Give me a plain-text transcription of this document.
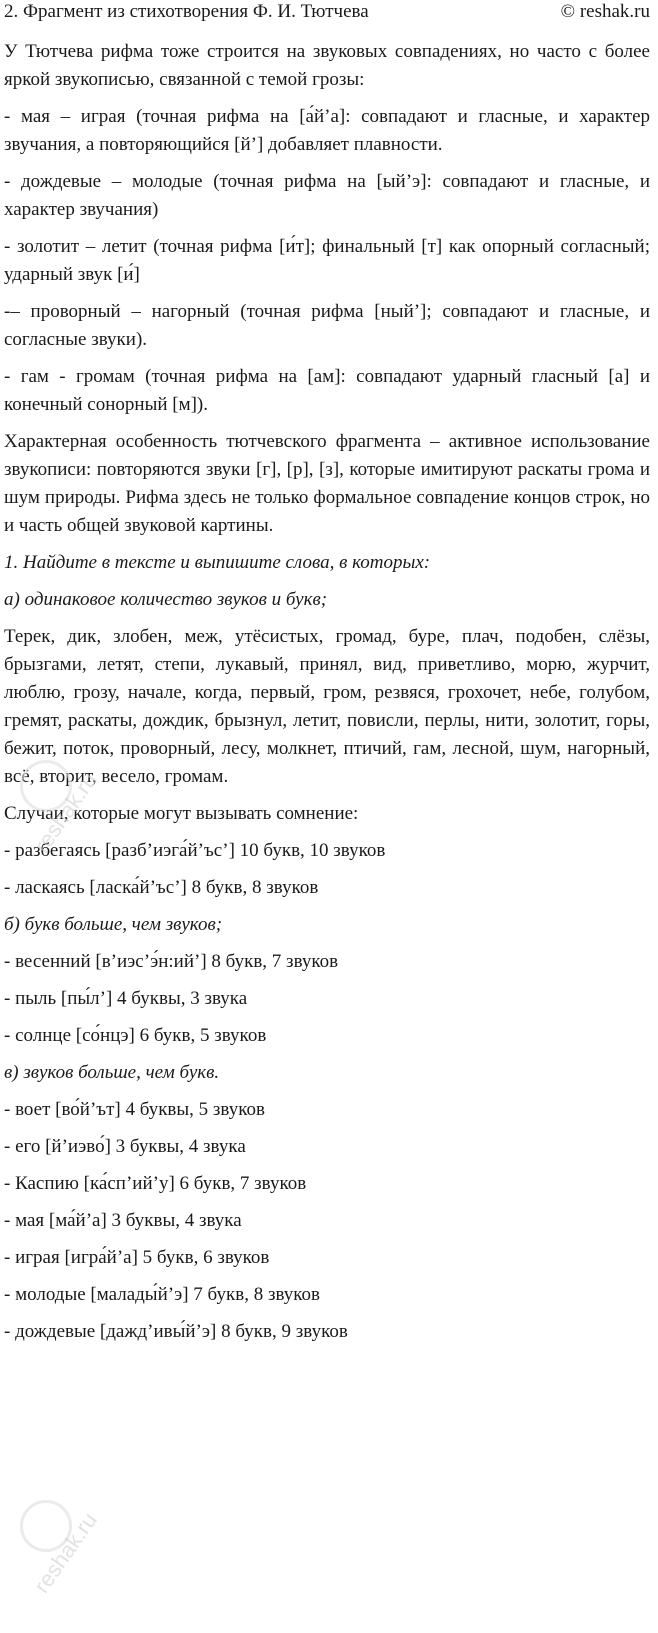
2. Фрагмент из стихотворения Ф. И. Тютчева	© reshak.ru

У Тютчева рифма тоже строится на звуковых совпадениях, но часто с более яркой звукописью, связанной с темой грозы:

- мая – играя (точная рифма на [а́й’а]: совпадают и гласные, и характер звучания, а повторяющийся [й’] добавляет плавности.

- дождевые – молодые (точная рифма на [ый’э]: совпадают и гласные, и характер звучания)

- золотит – летит (точная рифма [и́т]; финальный [т] как опорный согласный; ударный звук [и́]

-– проворный – нагорный (точная рифма [ный’]; совпадают и гласные, и согласные звуки).

- гам - громам (точная рифма на [ам]: совпадают ударный гласный [а] и конечный сонорный [м]).

Характерная особенность тютчевского фрагмента – активное использование звукописи: повторяются звуки [г], [р], [з], которые имитируют раскаты грома и шум природы. Рифма здесь не только формальное совпадение концов строк, но и часть общей звуковой картины.

1. Найдите в тексте и выпишите слова, в которых:

а) одинаковое количество звуков и букв;

Терек, дик, злобен, меж, утёсистых, громад, буре, плач, подобен, слёзы, брызгами, летят, степи, лукавый, принял, вид, приветливо, морю, журчит, люблю, грозу, начале, когда, первый, гром, резвяся, грохочет, небе, голубом, гремят, раскаты, дождик, брызнул, летит, повисли, перлы, нити, золотит, горы, бежит, поток, проворный, лесу, молкнет, птичий, гам, лесной, шум, нагорный, всё, вторит, весело, громам.

Случаи, которые могут вызывать сомнение:

- разбегаясь [разб’иэга́й’ъс’] 10 букв, 10 звуков

- ласкаясь [ласка́й’ъс’] 8 букв, 8 звуков

б) букв больше, чем звуков;

- весенний [в’иэс’э́н:ий’] 8 букв, 7 звуков

- пыль [пы́л’] 4 буквы, 3 звука

- солнце [со́нцэ] 6 букв, 5 звуков

в) звуков больше, чем букв.

- воет [во́й’ът] 4 буквы, 5 звуков

- его [й’иэво́] 3 буквы, 4 звука

- Каспию [ка́сп’ий’у] 6 букв, 7 звуков

- мая [ма́й’а] 3 буквы, 4 звука

- играя [игра́й’а] 5 букв, 6 звуков

- молодые [малады́й’э] 7 букв, 8 звуков

- дождевые [дажд’ивы́й’э] 8 букв, 9 звуков

reshak.ru
reshak.ru
